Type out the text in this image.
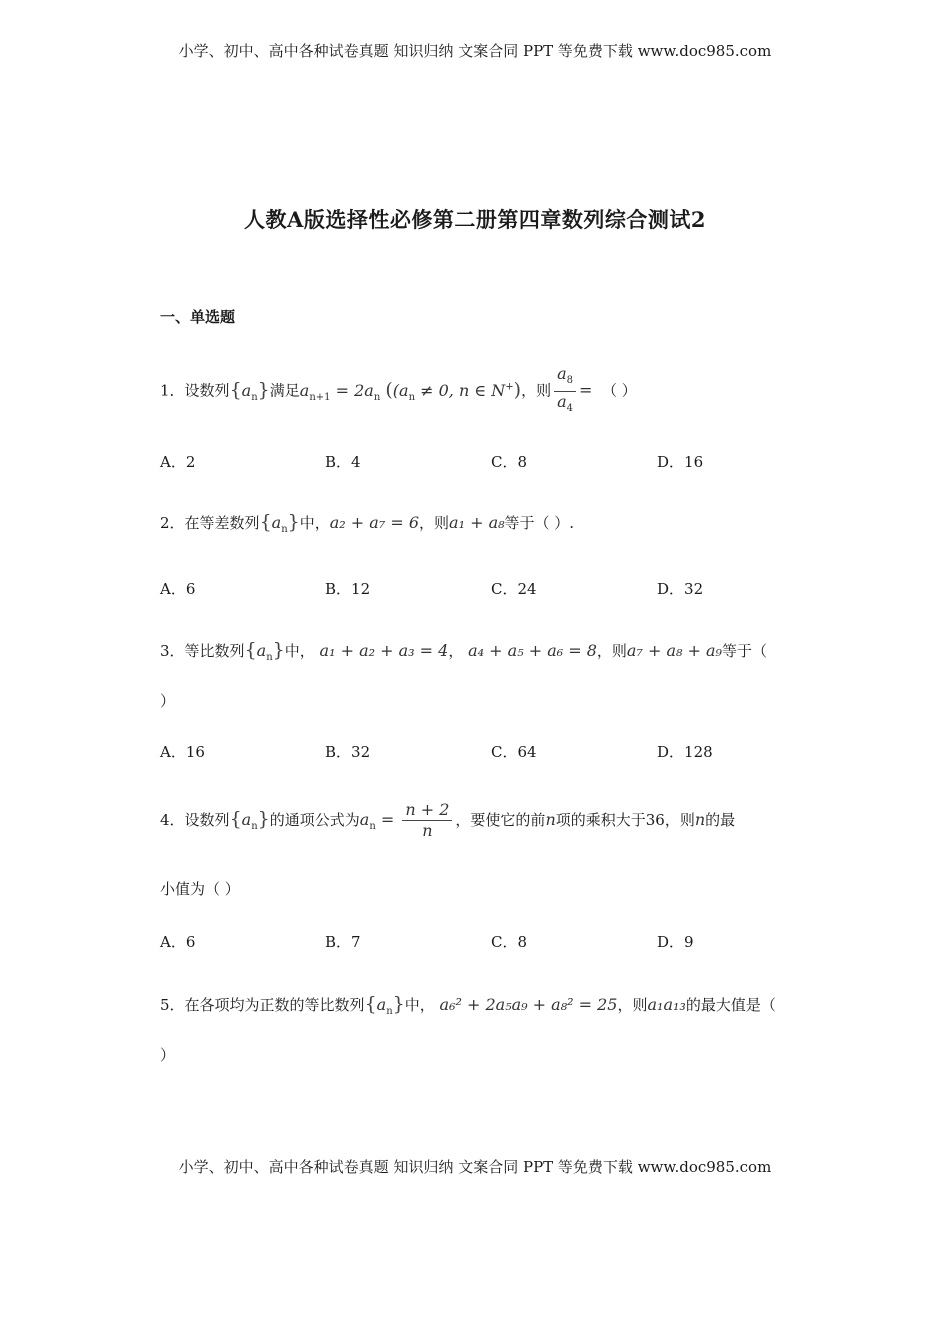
小学、初中、高中各种试卷真题 知识归纳 文案合同 PPT 等免费下载 www.doc985.com
人教A版选择性必修第二册第四章数列综合测试2
一、单选题
1．设数列$\{a_n\}$满足$a_{n+1} = 2a_n$ (($a_n \ne 0$, n ∈ N+)，则 $\frac{a_8}{a_4}$ = （ ）
A．2	B．4	C．8	D．16
2．在等差数列$\{a_n\}$中，a₂ + a₇ = 6，则a₁ + a₈等于（ ）.
A．6	B．12	C．24	D．32
3．等比数列$\{a_n\}$中， a₁ + a₂ + a₃ = 4， a₄ + a₅ + a₆ = 8，则a₇ + a₈ + a₉等于（
）
A．16	B．32	C．64	D．128
4．设数列$\{a_n\}$的通项公式为$a_n = \frac{n + 2}{n}$ ，要使它的前n项的乘积大于36，则n的最
小值为（ ）
A．6	B．7	C．8	D．9
5．在各项均为正数的等比数列$\{a_n\}$中， a₆² + 2a₅a₉ + a₈² = 25，则a₁a₁₃的最大值是（
）
小学、初中、高中各种试卷真题 知识归纳 文案合同 PPT 等免费下载 www.doc985.com
